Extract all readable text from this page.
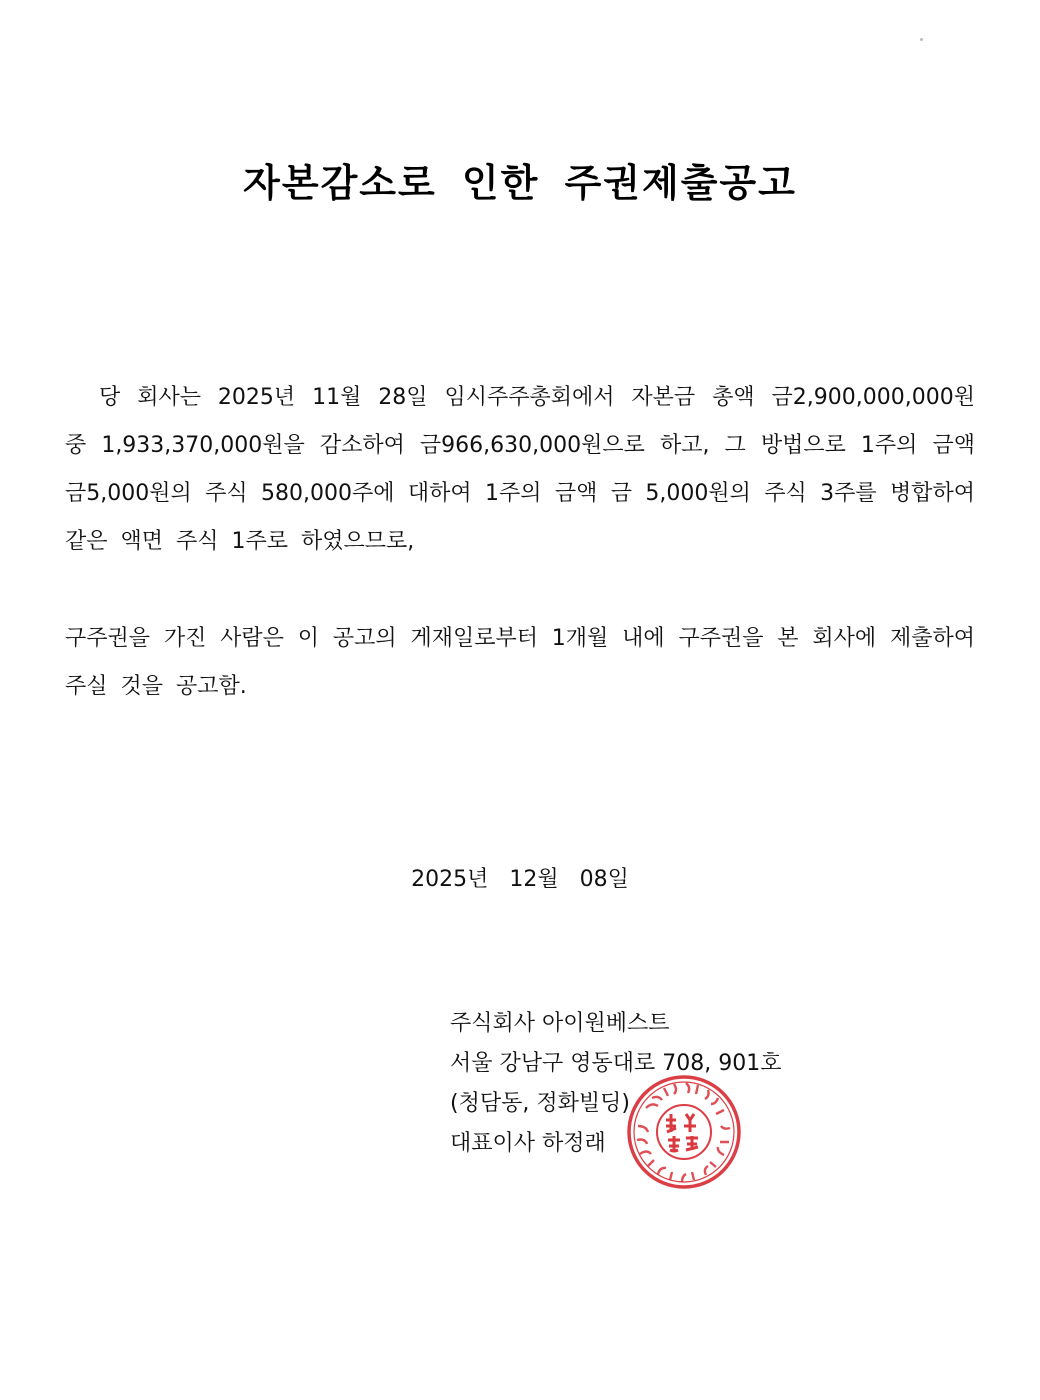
자본감소로 인한 주권제출공고
당 회사는 2025년 11월 28일 임시주주총회에서 자본금 총액 금2,900,000,000원 중 1,933,370,000원을 감소하여 금966,630,000원으로 하고, 그 방법으로 1주의 금액 금5,000원의 주식 580,000주에 대하여 1주의 금액 금 5,000원의 주식 3주를 병합하여 같은 액면 주식 1주로 하였으므로,
구주권을 가진 사람은 이 공고의 게재일로부터 1개월 내에 구주권을 본 회사에 제출하여 주실 것을 공고함.
2025년 12월 08일
주식회사 아이원베스트
서울 강남구 영동대로 708, 901호
(청담동, 정화빌딩)
대표이사 하정래
